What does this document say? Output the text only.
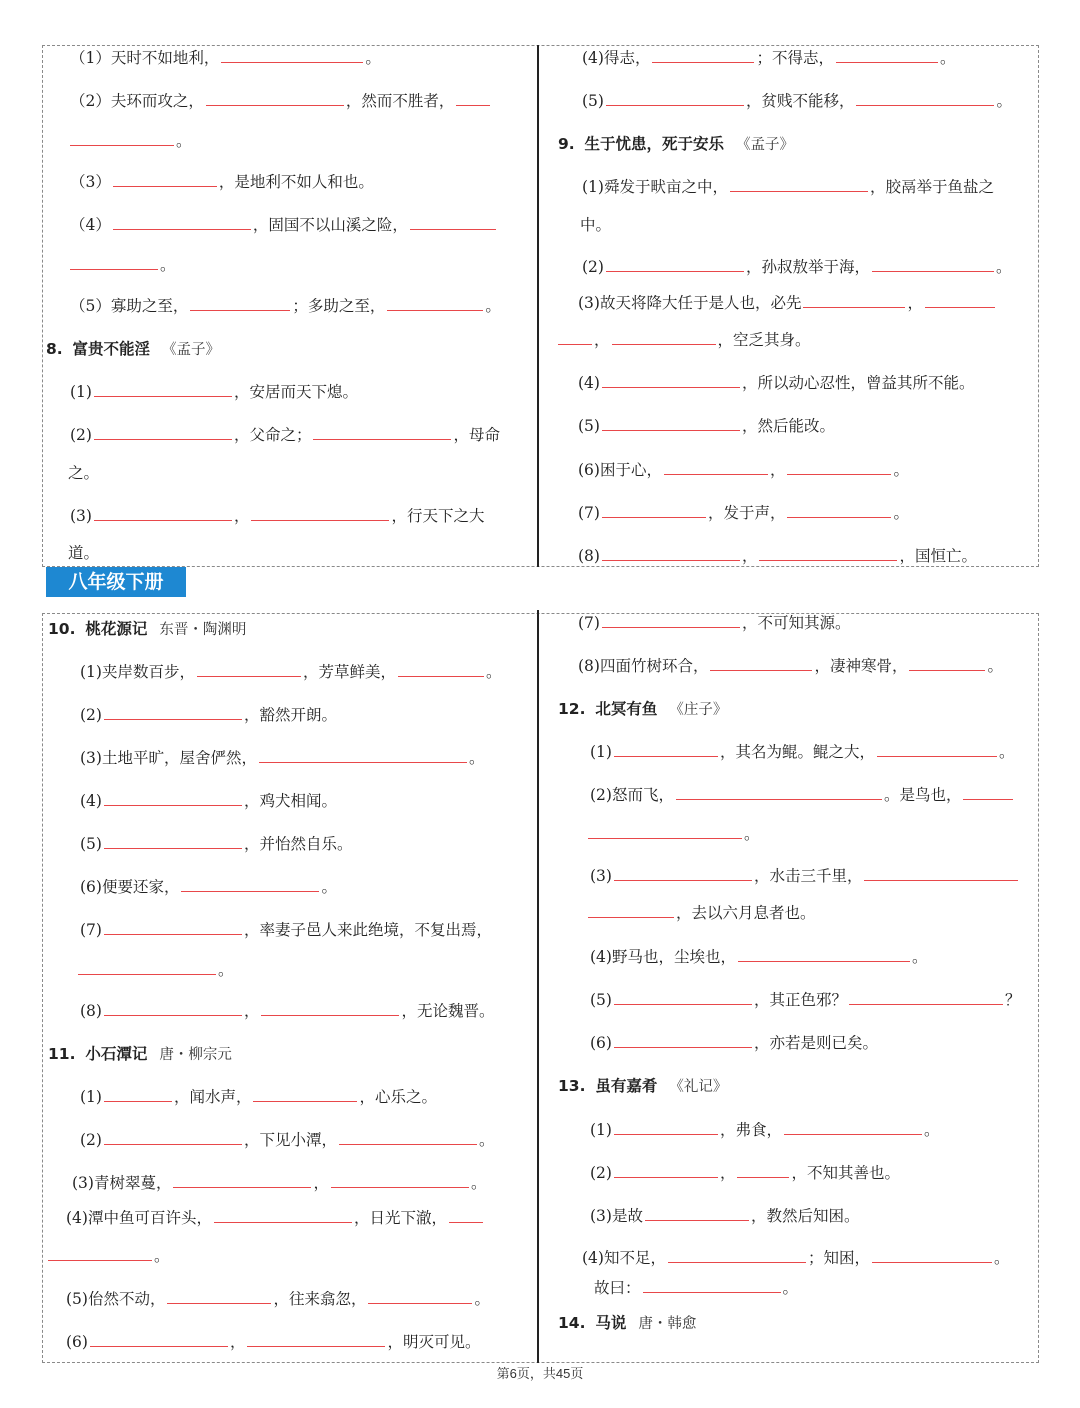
八年级下册
（1）天时不如地利，	。
（2）夫环而攻之，	，然而不胜者，
。
（3）	，是地利不如人和也。
（4）	，固国不以山溪之险，
。
（5）寡助之至，	；多助之至，	。
8. 富贵不能淫 《孟子》
(1)	，安居而天下熄。
(2)	，父命之；	，母命
之。
(3)	，	，行天下之大
道。
(4)得志，	；不得志，	。
(5)	，贫贱不能移，	。
9. 生于忧患，死于安乐 《孟子》
(1)舜发于畎亩之中，	，胶鬲举于鱼盐之
中。
(2)	，孙叔敖举于海，	。
(3)故天将降大任于是人也，必先	，
，	，空乏其身。
(4)	，所以动心忍性，曾益其所不能。
(5)	，然后能改。
(6)困于心，	，	。
(7)	，发于声，	。
(8)	，	，国恒亡。
10. 桃花源记 东晋・陶渊明
(1)夹岸数百步，	，芳草鲜美，	。
(2)	，豁然开朗。
(3)土地平旷，屋舍俨然，	。
(4)	，鸡犬相闻。
(5)	，并怡然自乐。
(6)便要还家，	。
(7)	，率妻子邑人来此绝境，不复出焉，
。
(8)	，	，无论魏晋。
11. 小石潭记 唐・柳宗元
(1)	，闻水声，	，心乐之。
(2)	，下见小潭，	。
(3)青树翠蔓，	，	。
(4)潭中鱼可百许头，	，日光下澈，
。
(5)佁然不动，	，往来翕忽，	。
(6)	，	，明灭可见。
(7)	，不可知其源。
(8)四面竹树环合，	，凄神寒骨，	。
12. 北冥有鱼 《庄子》
(1)	，其名为鲲。鲲之大，	。
(2)怒而飞，	。是鸟也，
。
(3)	，水击三千里，
，去以六月息者也。
(4)野马也，尘埃也，	。
(5)	，其正色邪？	？
(6)	，亦若是则已矣。
13. 虽有嘉肴 《礼记》
(1)	，弗食，	。
(2)	，	，不知其善也。
(3)是故	，教然后知困。
(4)知不足，	；知困，	。
故曰：	。
14. 马说 唐・韩愈
第6页，共45页
